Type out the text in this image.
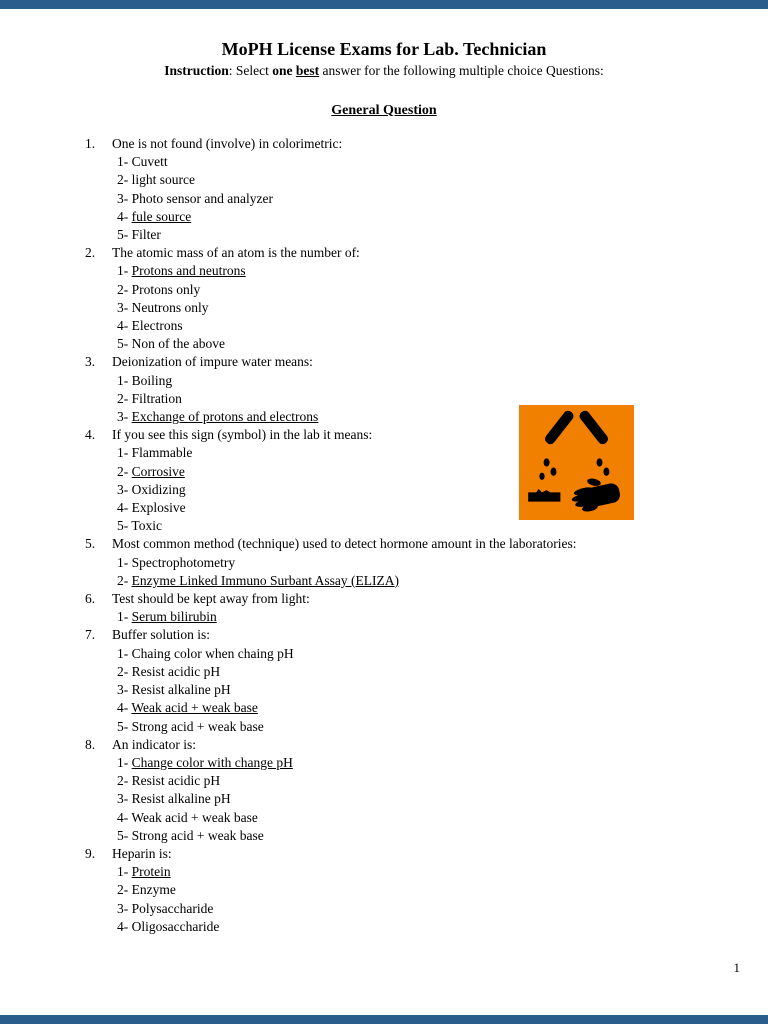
MoPH License Exams for Lab. Technician
Instruction: Select one best answer for the following multiple choice Questions:
General Question
1. One is not found (involve) in colorimetric:
1- Cuvett
2- light source
3- Photo sensor and analyzer
4- fule source
5- Filter
2. The atomic mass of an atom is the number of:
1- Protons and neutrons
2- Protons only
3- Neutrons only
4- Electrons
5- Non of the above
3. Deionization of impure water means:
1- Boiling
2- Filtration
3- Exchange of protons and electrons
4. If you see this sign (symbol) in the lab it means:
1- Flammable
2- Corrosive
3- Oxidizing
4- Explosive
5- Toxic
5. Most common method (technique) used to detect hormone amount in the laboratories:
1- Spectrophotometry
2- Enzyme Linked Immuno Surbant Assay (ELIZA)
6. Test should be kept away from light:
1- Serum bilirubin
7. Buffer solution is:
1- Chaing color when chaing pH
2- Resist acidic pH
3- Resist alkaline pH
4- Weak acid + weak base
5- Strong acid + weak base
8. An indicator is:
1- Change color with change pH
2- Resist acidic pH
3- Resist alkaline pH
4- Weak acid + weak base
5- Strong acid + weak base
9. Heparin is:
1- Protein
2- Enzyme
3- Polysaccharide
4- Oligosaccharide
1
